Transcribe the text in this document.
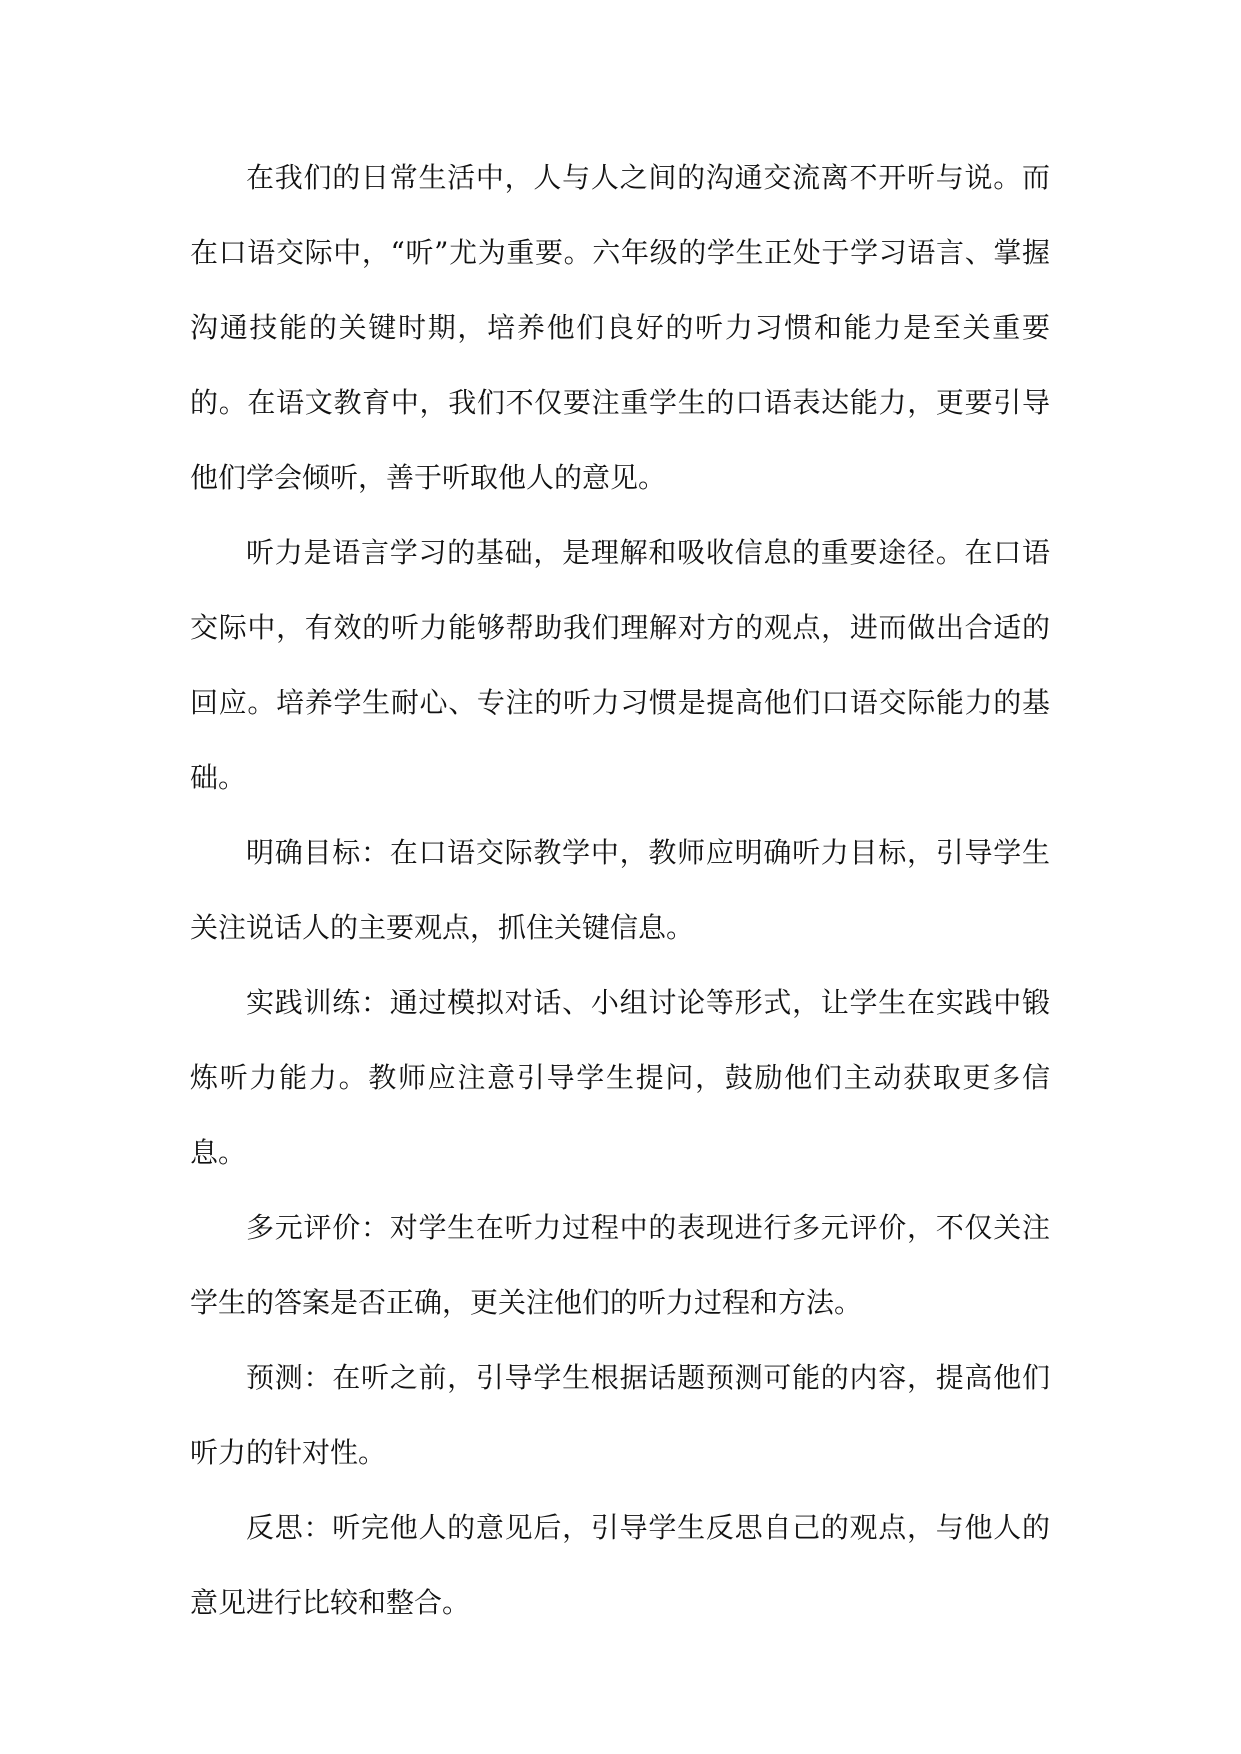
在我们的日常生活中，人与人之间的沟通交流离不开听与说。而在口语交际中，“听”尤为重要。六年级的学生正处于学习语言、掌握沟通技能的关键时期，培养他们良好的听力习惯和能力是至关重要的。在语文教育中，我们不仅要注重学生的口语表达能力，更要引导他们学会倾听，善于听取他人的意见。

听力是语言学习的基础，是理解和吸收信息的重要途径。在口语交际中，有效的听力能够帮助我们理解对方的观点，进而做出合适的回应。培养学生耐心、专注的听力习惯是提高他们口语交际能力的基础。

明确目标：在口语交际教学中，教师应明确听力目标，引导学生关注说话人的主要观点，抓住关键信息。

实践训练：通过模拟对话、小组讨论等形式，让学生在实践中锻炼听力能力。教师应注意引导学生提问，鼓励他们主动获取更多信息。

多元评价：对学生在听力过程中的表现进行多元评价，不仅关注学生的答案是否正确，更关注他们的听力过程和方法。

预测：在听之前，引导学生根据话题预测可能的内容，提高他们听力的针对性。

反思：听完他人的意见后，引导学生反思自己的观点，与他人的意见进行比较和整合。
